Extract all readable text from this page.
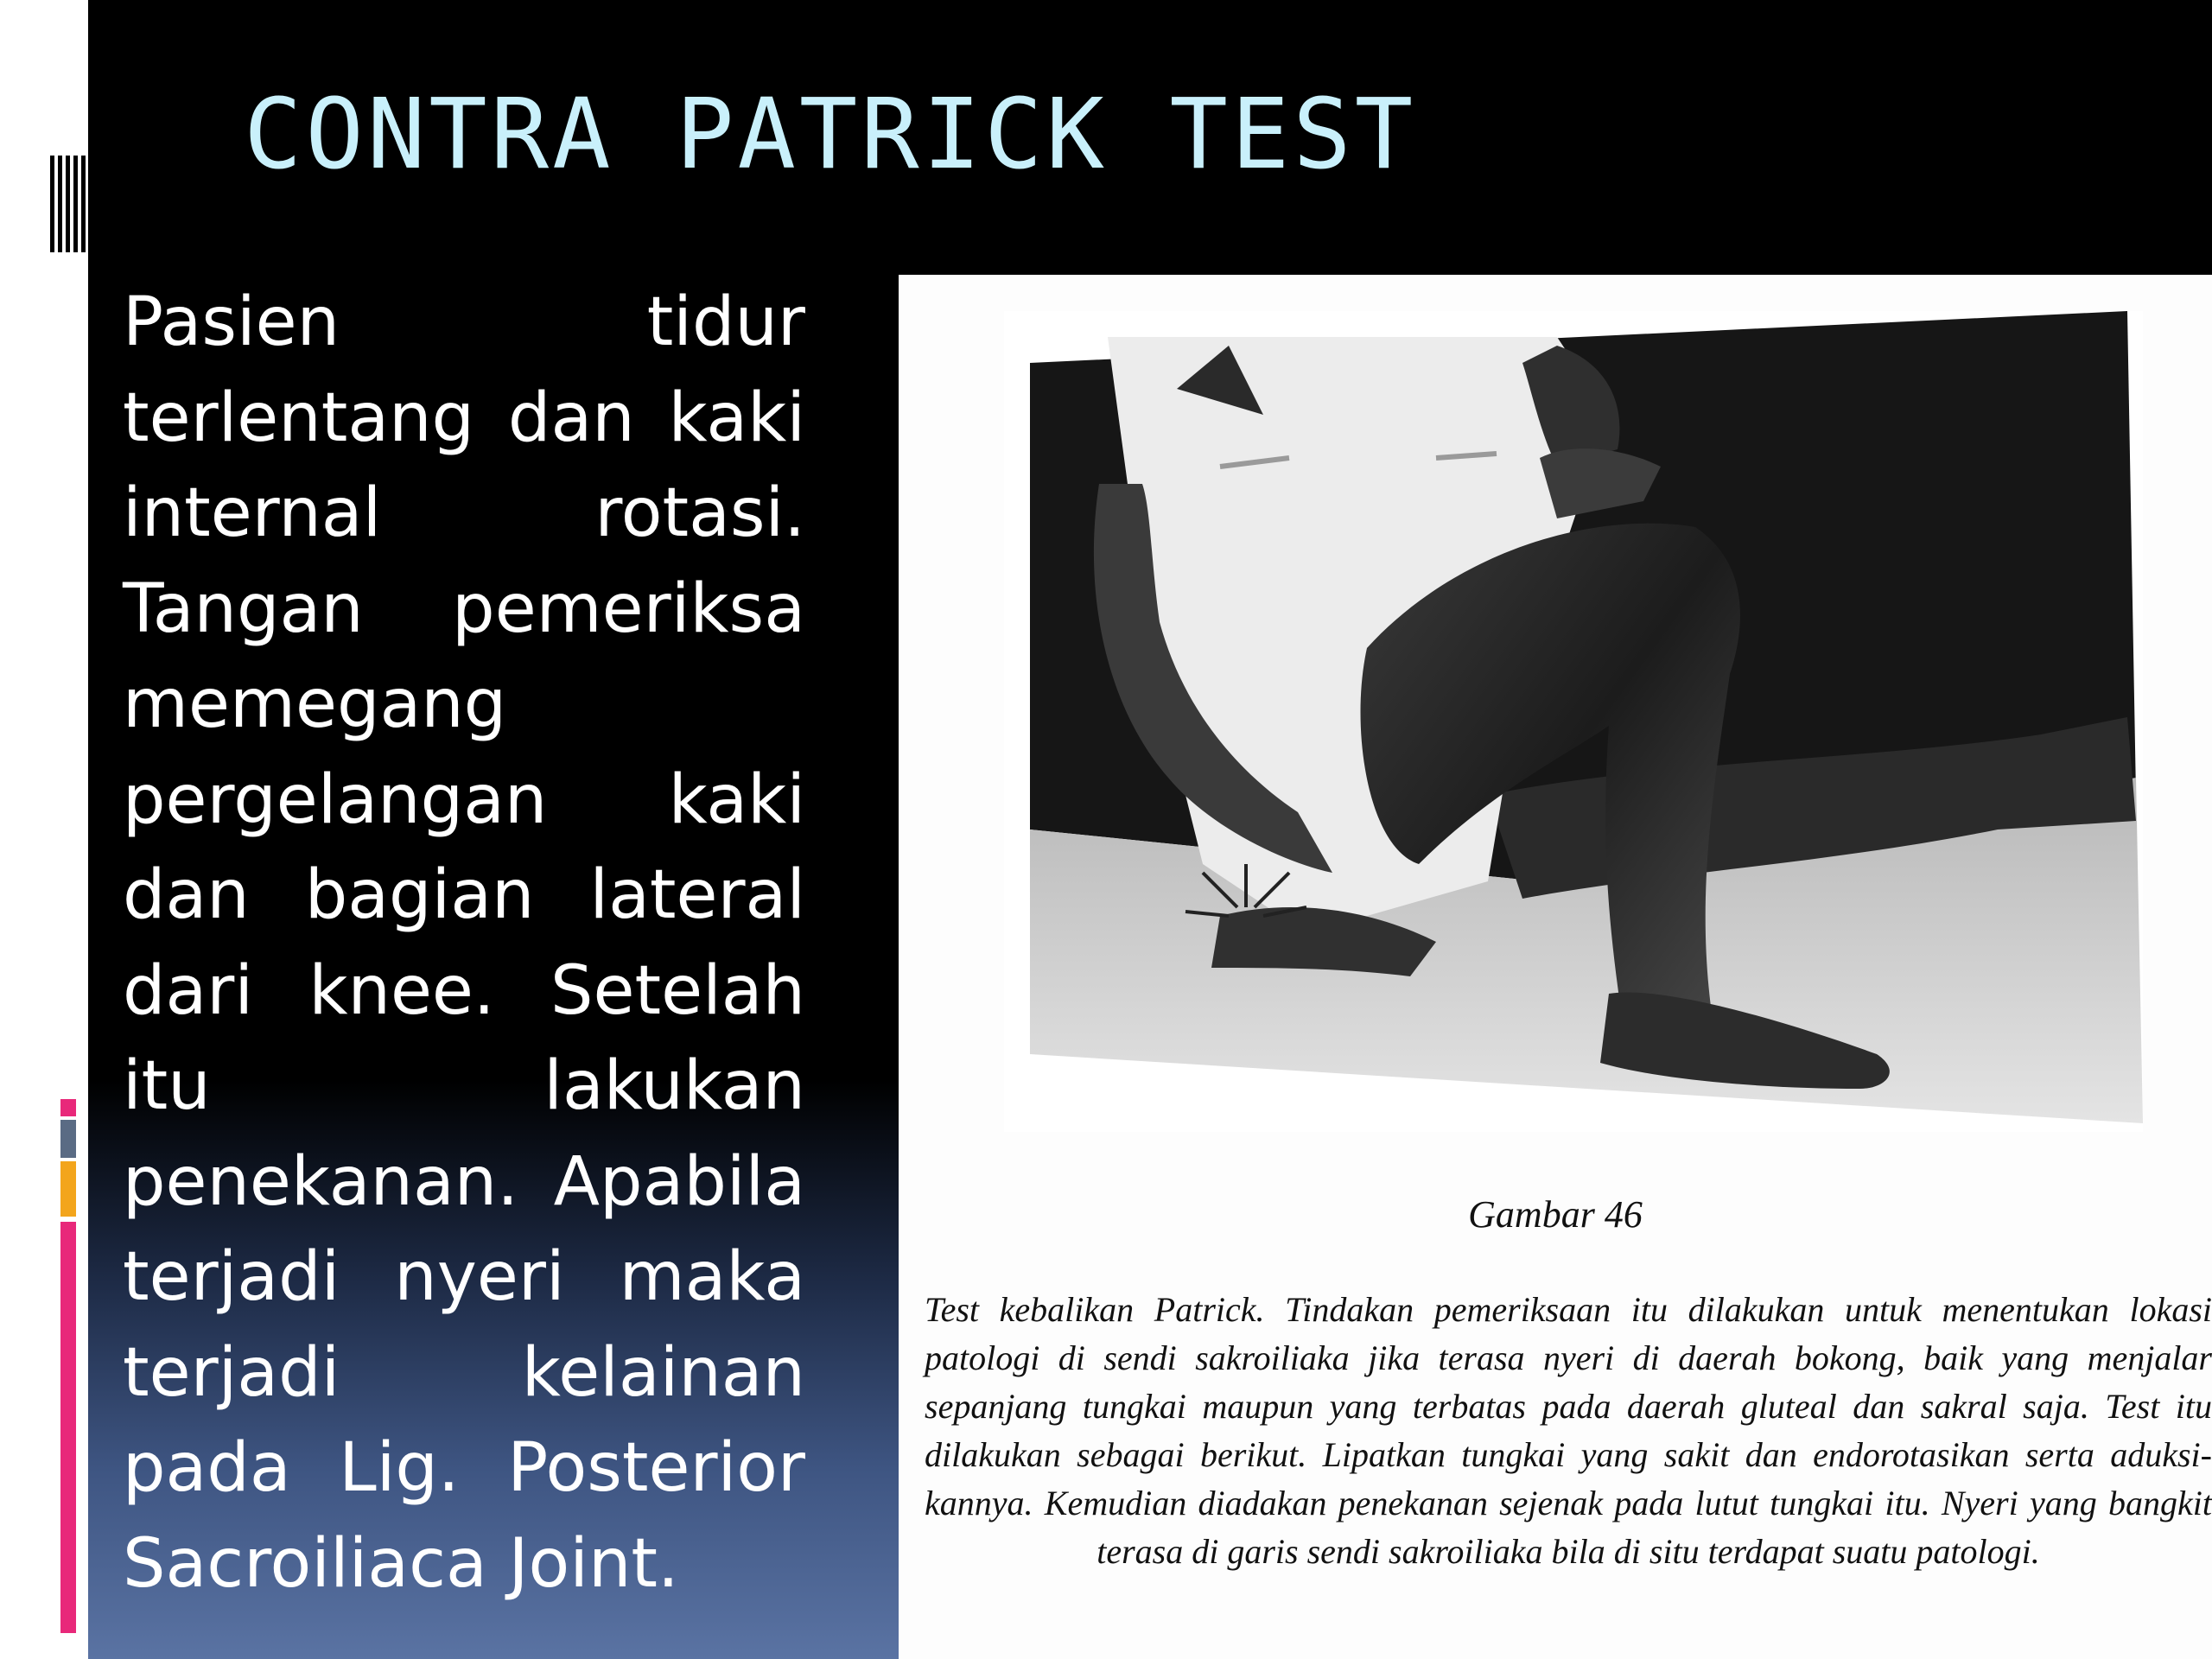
CONTRA PATRICK TEST

Pasien tidur terlentang dan kaki internal rotasi. Tangan pemeriksa memegang pergelangan kaki dan bagian lateral dari knee. Setelah itu lakukan penekanan. Apabila terjadi nyeri maka terjadi kelainan pada Lig. Posterior Sacroiliaca Joint.

Gambar 46

Test kebalikan Patrick. Tindakan pemeriksaan itu dilakukan untuk menentukan lokasi patologi di sendi sakroiliaka jika terasa nyeri di daerah bokong, baik yang menjalar sepanjang tungkai maupun yang terbatas pada daerah gluteal dan sakral saja. Test itu dilakukan sebagai berikut. Lipatkan tungkai yang sakit dan endorotasikan serta aduksi-kannya. Kemudian diadakan penekanan sejenak pada lutut tungkai itu. Nyeri yang bangkit terasa di garis sendi sakroiliaka bila di situ terdapat suatu patologi.
